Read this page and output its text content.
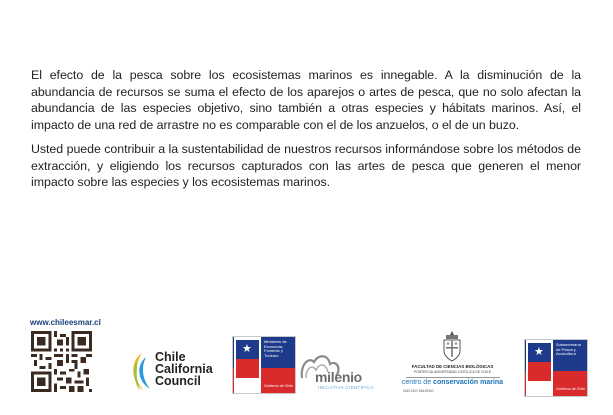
El efecto de la pesca sobre los ecosistemas marinos es innegable. A la disminución de la abundancia de recursos se suma el efecto de los aparejos o artes de pesca, que no solo afectan la abundancia de las especies objetivo, sino también a otras especies y hábitats marinos. Así, el impacto de una red de arrastre no es comparable con el de los anzuelos, o el de un buzo.

Usted puede contribuir a la sustentabilidad de nuestros recursos informándose sobre los métodos de extracción, y eligiendo los recursos capturados con las artes de pesca que generen el menor impacto sobre las especies y los ecosistemas marinos.

www.chileesmar.cl
Chile
California
Council
★
Ministerio de Economía, Fomento y Turismo
Gobierno de Chile
milenio
INICIATIVA CIENTÍFICA
FACULTAD DE CIENCIAS BIOLÓGICAS
PONTIFICIA UNIVERSIDAD CATÓLICA DE CHILE
centro de conservación marina
NÚCLEO MILENIO
★
Subsecretaría de Pesca y Acuicultura
Gobierno de Chile
